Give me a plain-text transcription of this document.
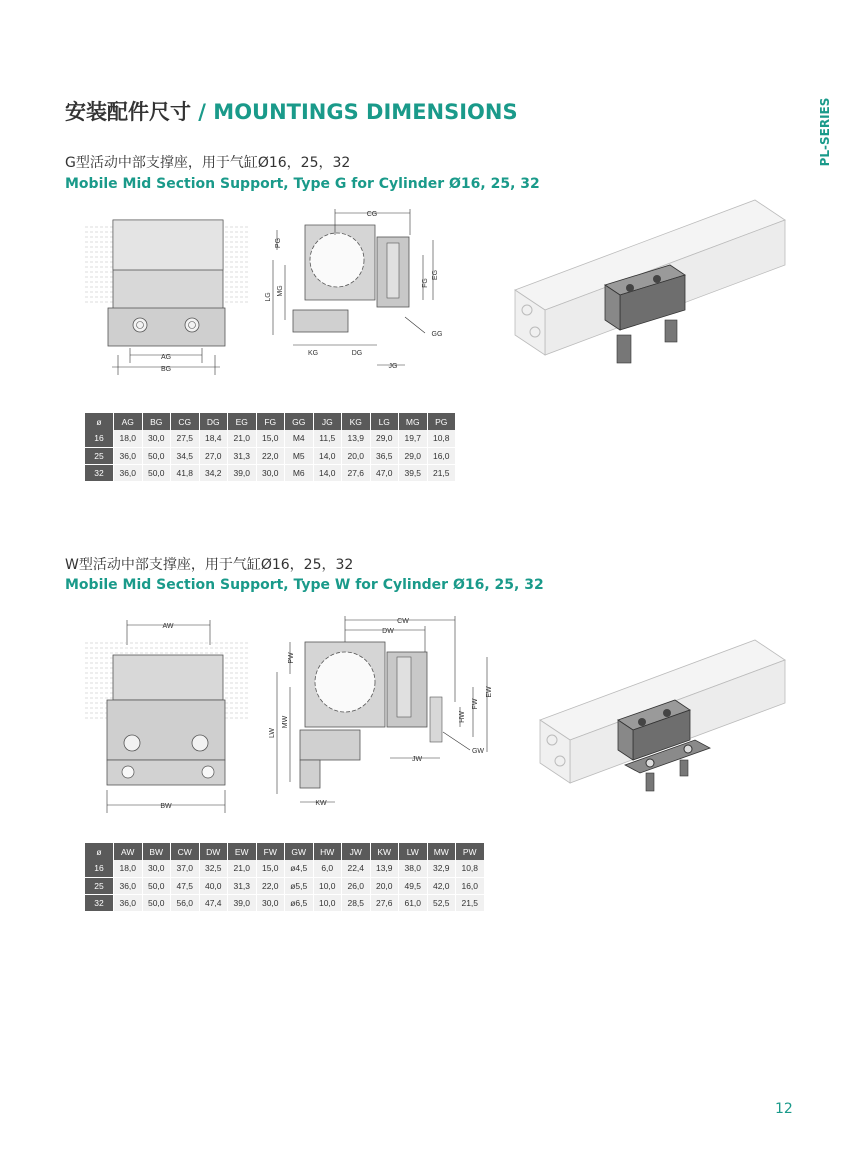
安装配件尺寸 / MOUNTINGS DIMENSIONS	PL-SERIES
G型活动中部支撑座，用于气缸Ø16，25，32
Mobile Mid Section Support, Type G for Cylinder Ø16, 25, 32
AG
BG
CG
PG
LG
MG
EG
FG
GG
KG	DG
JG
ø	AG	BG	CG	DG	EG	FG	GG	JG	KG	LG	MG	PG
16	18,0	30,0	27,5	18,4	21,0	15,0	M4	11,5	13,9	29,0	19,7	10,8
25	36,0	50,0	34,5	27,0	31,3	22,0	M5	14,0	20,0	36,5	29,0	16,0
32	36,0	50,0	41,8	34,2	39,0	30,0	M6	14,0	27,6	47,0	39,5	21,5
W型活动中部支撑座，用于气缸Ø16，25，32
Mobile Mid Section Support, Type W for Cylinder Ø16, 25, 32
AW
BW
CW
DW
PW
LW
MW
EW
FW
HW
GW
JW
KW
ø	AW	BW	CW	DW	EW	FW	GW	HW	JW	KW	LW	MW	PW
16	18,0	30,0	37,0	32,5	21,0	15,0	ø4,5	6,0	22,4	13,9	38,0	32,9	10,8
25	36,0	50,0	47,5	40,0	31,3	22,0	ø5,5	10,0	26,0	20,0	49,5	42,0	16,0
32	36,0	50,0	56,0	47,4	39,0	30,0	ø6,5	10,0	28,5	27,6	61,0	52,5	21,5
12
